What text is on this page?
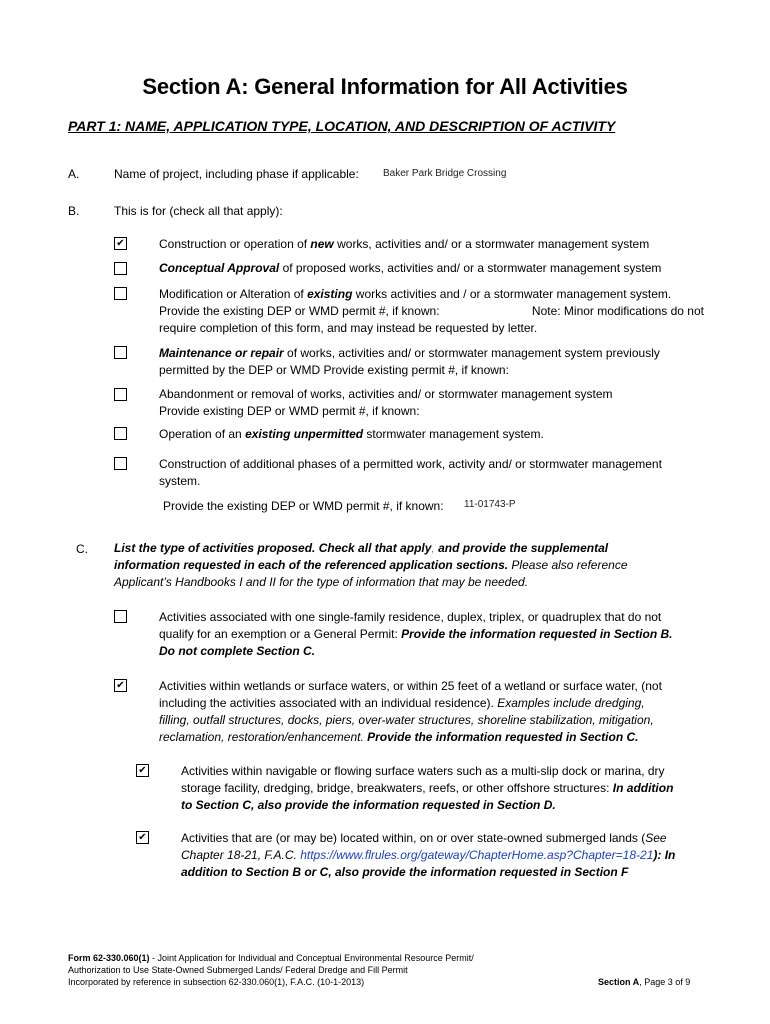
Section A: General Information for All Activities
PART 1: NAME, APPLICATION TYPE, LOCATION, AND DESCRIPTION OF ACTIVITY
A.	Name of project, including phase if applicable: Baker Park Bridge Crossing
B.	This is for (check all that apply):
✔	Construction or operation of new works, activities and/ or a stormwater management system
Conceptual Approval of proposed works, activities and/ or a stormwater management system
Modification or Alteration of existing works activities and / or a stormwater management system.
Provide the existing DEP or WMD permit #, if known:	Note: Minor modifications do not
require completion of this form, and may instead be requested by letter.
Maintenance or repair of works, activities and/ or stormwater management system previously
permitted by the DEP or WMD Provide existing permit #, if known:
Abandonment or removal of works, activities and/ or stormwater management system
Provide existing DEP or WMD permit #, if known:
Operation of an existing unpermitted stormwater management system.
Construction of additional phases of a permitted work, activity and/ or stormwater management
system.
Provide the existing DEP or WMD permit #, if known: 11-01743-P
C. List the type of activities proposed. Check all that apply, and provide the supplemental
information requested in each of the referenced application sections. Please also reference
Applicant’s Handbooks I and II for the type of information that may be needed.
Activities associated with one single-family residence, duplex, triplex, or quadruplex that do not
qualify for an exemption or a General Permit: Provide the information requested in Section B.
Do not complete Section C.
✔	Activities within wetlands or surface waters, or within 25 feet of a wetland or surface water, (not
including the activities associated with an individual residence). Examples include dredging,
filling, outfall structures, docks, piers, over-water structures, shoreline stabilization, mitigation,
reclamation, restoration/enhancement. Provide the information requested in Section C.
✔	Activities within navigable or flowing surface waters such as a multi-slip dock or marina, dry
storage facility, dredging, bridge, breakwaters, reefs, or other offshore structures: In addition
to Section C, also provide the information requested in Section D.
✔	Activities that are (or may be) located within, on or over state-owned submerged lands (See
Chapter 18-21, F.A.C. https://www.flrules.org/gateway/ChapterHome.asp?Chapter=18-21): In
addition to Section B or C, also provide the information requested in Section F
Form 62-330.060(1) - Joint Application for Individual and Conceptual Environmental Resource Permit/
Authorization to Use State-Owned Submerged Lands/ Federal Dredge and Fill Permit
Incorporated by reference in subsection 62-330.060(1), F.A.C. (10-1-2013)	Section A, Page 3 of 9
